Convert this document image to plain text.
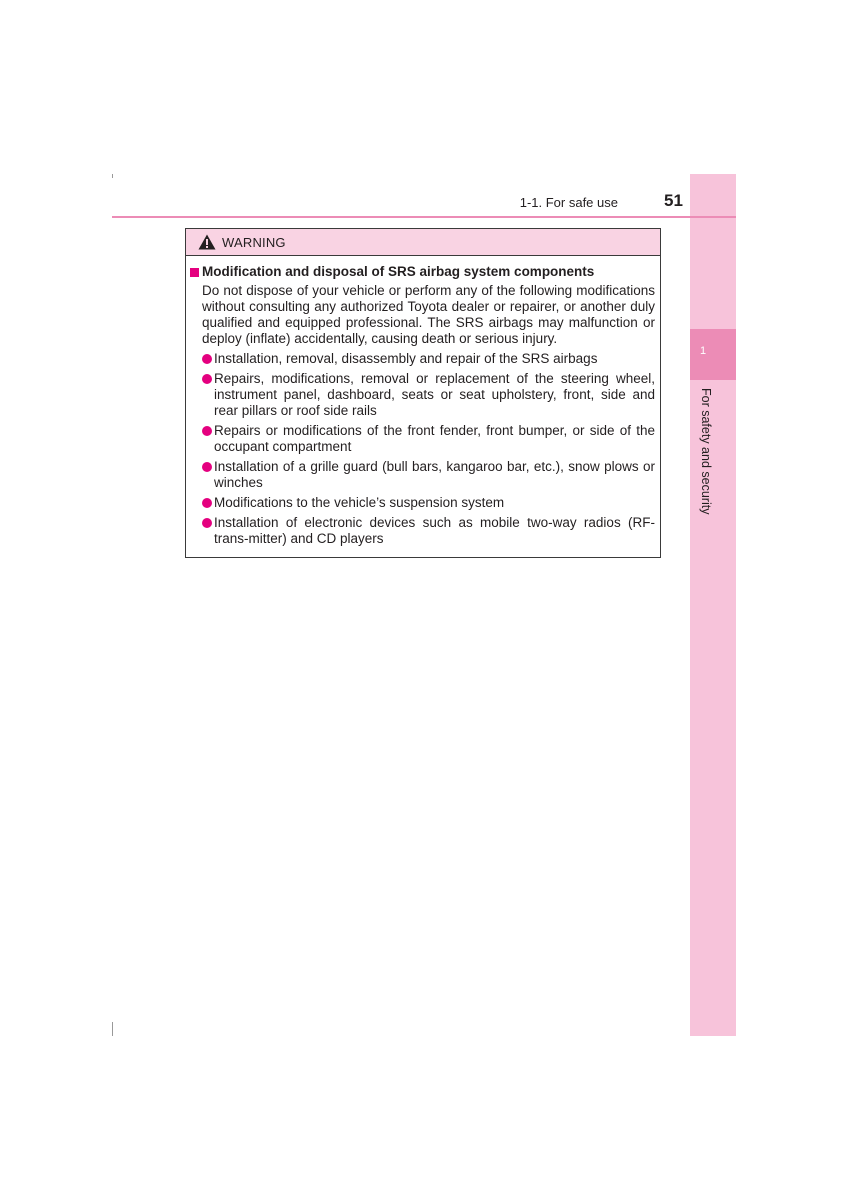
1
For safety and security
1-1. For safe use	51
WARNING
Modification and disposal of SRS airbag system components
Do not dispose of your vehicle or perform any of the following modifications without consulting any authorized Toyota dealer or repairer, or another duly qualified and equipped professional. The SRS airbags may malfunction or deploy (inflate) accidentally, causing death or serious injury.
Installation, removal, disassembly and repair of the SRS airbags
Repairs, modifications, removal or replacement of the steering wheel, instrument panel, dashboard, seats or seat upholstery, front, side and rear pillars or roof side rails
Repairs or modifications of the front fender, front bumper, or side of the occupant compartment
Installation of a grille guard (bull bars, kangaroo bar, etc.), snow plows or winches
Modifications to the vehicle’s suspension system
Installation of electronic devices such as mobile two-way radios (RF-trans-mitter) and CD players
